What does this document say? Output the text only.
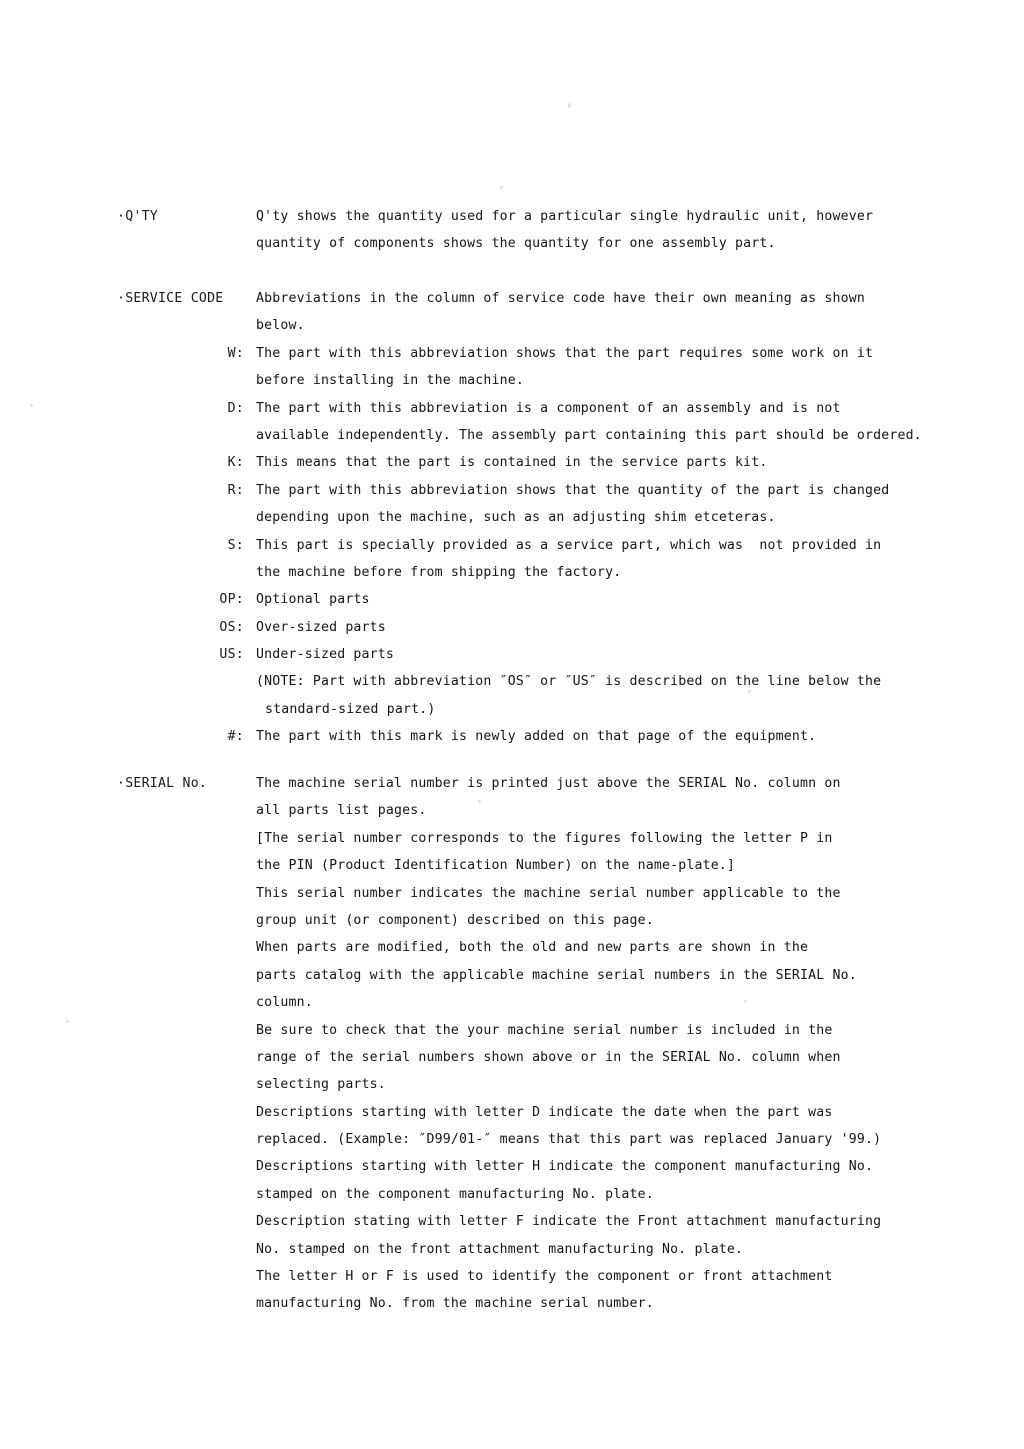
·Q'TY

	Q'ty shows the quantity used for a particular single hydraulic unit, however

quantity of components shows the quantity for one assembly part.

·SERVICE CODE

Abbreviations in the column of service code have their own meaning as shown

below.

W:

The part with this abbreviation shows that the part requires some work on it

before installing in the machine.

D:

The part with this abbreviation is a component of an assembly and is not

available independently. The assembly part containing this part should be ordered.

K:

This means that the part is contained in the service parts kit.

R:

The part with this abbreviation shows that the quantity of the part is changed

depending upon the machine, such as an adjusting shim etceteras.

S:

This part is specially provided as a service part, which was  not provided in

the machine before from shipping the factory.

OP:

Optional parts

OS:

Over-sized parts

US:

Under-sized parts

(NOTE: Part with abbreviation ″OS″ or ″US″ is described on the line below the

standard-sized part.)

#:

The part with this mark is newly added on that page of the equipment.

·SERIAL No.

	The machine serial number is printed just above the SERIAL No. column on

all parts list pages.
[The serial number corresponds to the figures following the letter P in
the PIN (Product Identification Number) on the name-plate.]
This serial number indicates the machine serial number applicable to the
group unit (or component) described on this page.
When parts are modified, both the old and new parts are shown in the
parts catalog with the applicable machine serial numbers in the SERIAL No.
column.
Be sure to check that the your machine serial number is included in the
range of the serial numbers shown above or in the SERIAL No. column when
selecting parts.
Descriptions starting with letter D indicate the date when the part was
replaced. (Example: ″D99/01-″ means that this part was replaced January '99.)
Descriptions starting with letter H indicate the component manufacturing No.
stamped on the component manufacturing No. plate.
Description stating with letter F indicate the Front attachment manufacturing
No. stamped on the front attachment manufacturing No. plate.
The letter H or F is used to identify the component or front attachment
manufacturing No. from the machine serial number.
